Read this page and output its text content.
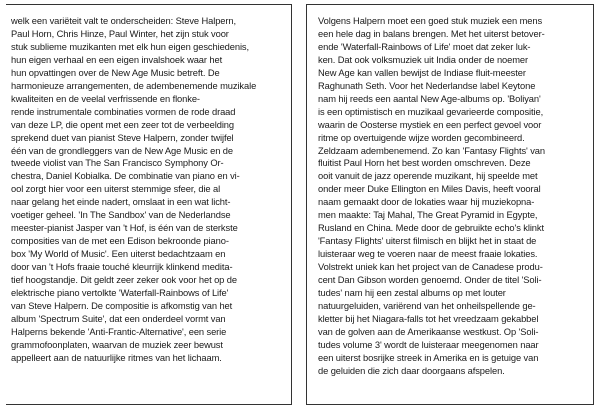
welk een variëteit valt te onderscheiden: Steve Halpern,
Paul Horn, Chris Hinze, Paul Winter, het zijn stuk voor
stuk sublieme muzikanten met elk hun eigen geschiedenis,
hun eigen verhaal en een eigen invalshoek waar het
hun opvattingen over de New Age Music betreft. De
harmonieuze arrangementen, de adembenemende muzikale kwaliteiten en de veelal verfrissende en flonke-
rende instrumentale combinaties vormen de rode draad
van deze LP, die opent met een zeer tot de verbeelding
sprekend duet van pianist Steve Halpern, zonder twijfel
één van de grondleggers van de New Age Music en de
tweede violist van The San Francisco Symphony Or-
chestra, Daniel Kobialka. De combinatie van piano en vi-
ool zorgt hier voor een uiterst stemmige sfeer, die al
naar gelang het einde nadert, omslaat in een wat licht-
voetiger geheel. 'In The Sandbox' van de Nederlandse
meester-pianist Jasper van 't Hof, is één van de sterkste
composities van de met een Edison bekroonde piano-
box 'My World of Music'. Een uiterst bedachtzaam en
door van 't Hofs fraaie touché kleurrijk klinkend medita-
tief hoogstandje. Dit geldt zeer zeker ook voor het op de
elektrische piano vertolkte 'Waterfall-Rainbows of Life'
van Steve Halpern. De compositie is afkomstig van het
album 'Spectrum Suite', dat een onderdeel vormt van
Halperns bekende 'Anti-Frantic-Alternative', een serie
grammofoonplaten, waarvan de muziek zeer bewust
appelleert aan de natuurlijke ritmes van het lichaam.

Volgens Halpern moet een goed stuk muziek een mens
een hele dag in balans brengen. Met het uiterst betover-
ende 'Waterfall-Rainbows of Life' moet dat zeker luk-
ken. Dat ook volksmuziek uit India onder de noemer
New Age kan vallen bewijst de Indiase fluit-meester
Raghunath Seth. Voor het Nederlandse label Keytone
nam hij reeds een aantal New Age-albums op. 'Boliyan'
is een optimistisch en muzikaal gevarieerde compositie,
waarin de Oosterse mystiek en een perfect gevoel voor
ritme op overtuigende wijze worden gecombineerd.
Zeldzaam adembenemend. Zo kan 'Fantasy Flights' van
fluitist Paul Horn het best worden omschreven. Deze
ooit vanuit de jazz operende muzikant, hij speelde met
onder meer Duke Ellington en Miles Davis, heeft vooral
naam gemaakt door de lokaties waar hij muziekopna-
men maakte: Taj Mahal, The Great Pyramid in Egypte,
Rusland en China. Mede door de gebruikte echo's klinkt
'Fantasy Flights' uiterst filmisch en blijkt het in staat de
luisteraar weg te voeren naar de meest fraaie lokaties.
Volstrekt uniek kan het project van de Canadese produ-
cent Dan Gibson worden genoemd. Onder de titel 'Soli-
tudes' nam hij een zestal albums op met louter
natuurgeluiden, variërend van het onheilspellende ge-
kletter bij het Niagara-falls tot het vreedzaam gekabbel
van de golven aan de Amerikaanse westkust. Op 'Soli-
tudes volume 3' wordt de luisteraar meegenomen naar
een uiterst bosrijke streek in Amerika en is getuige van
de geluiden die zich daar doorgaans afspelen.
